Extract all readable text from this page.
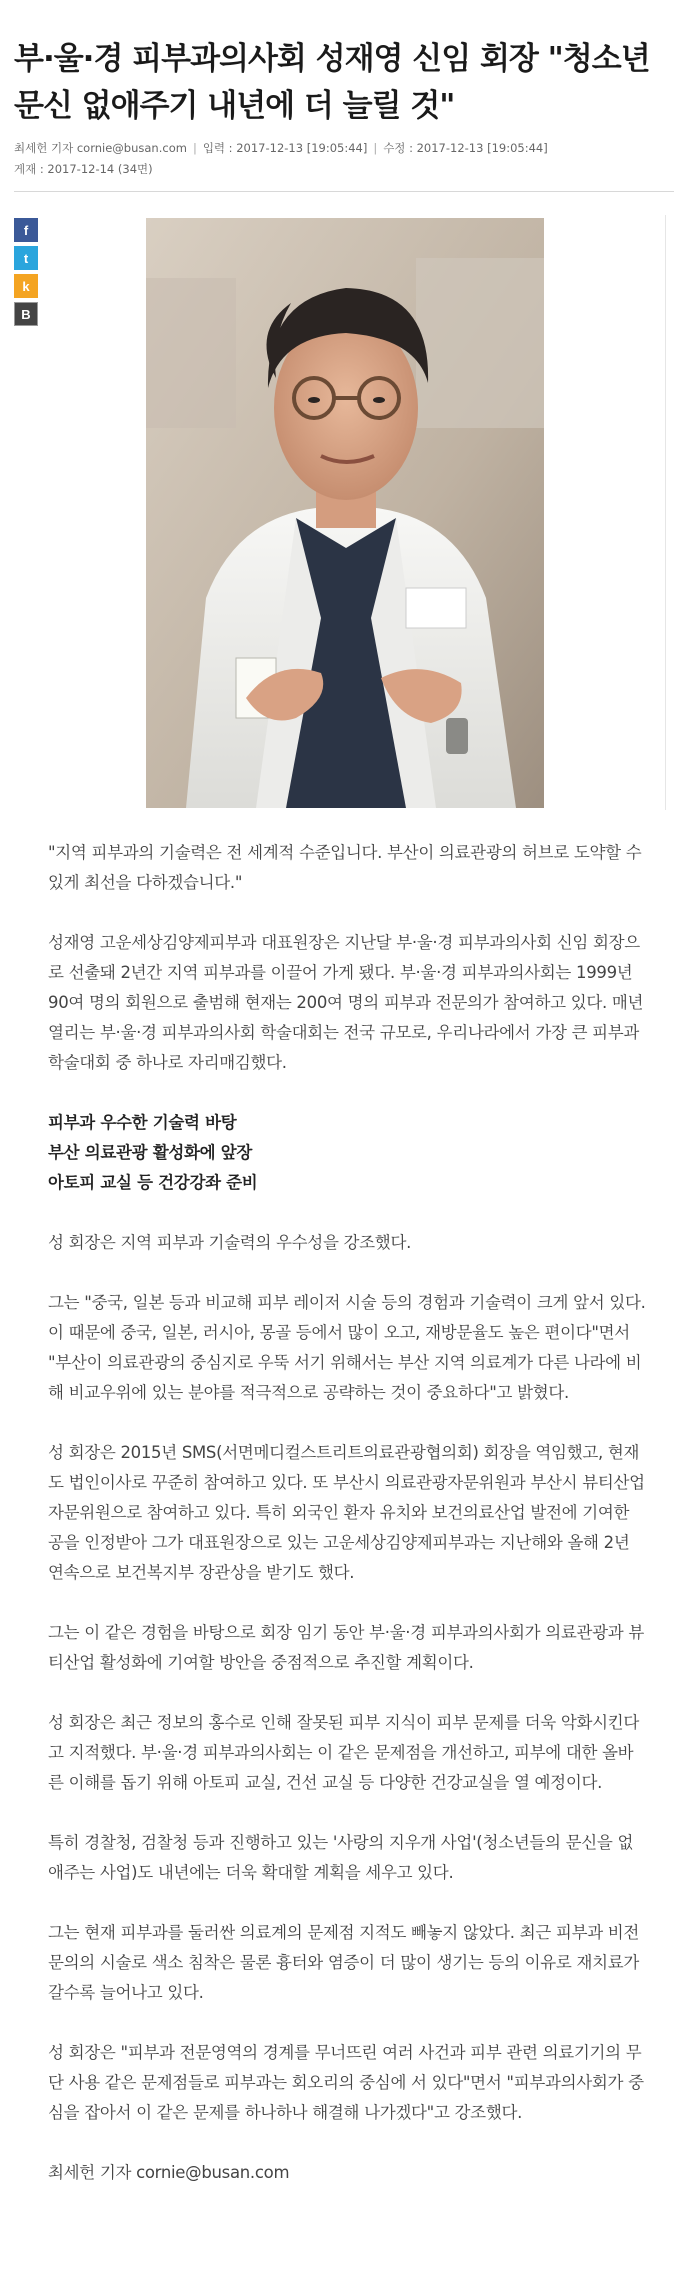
부·울·경 피부과의사회 성재영 신임 회장 "청소년 문신 없애주기 내년에 더 늘릴 것"
최세헌 기자 cornie@busan.com | 입력 : 2017-12-13 [19:05:44] | 수정 : 2017-12-13 [19:05:44]
게재 : 2017-12-14 (34면)
f
t
k
B

"지역 피부과의 기술력은 전 세계적 수준입니다. 부산이 의료관광의 허브로 도약할 수 있게 최선을 다하겠습니다."

성재영 고운세상김양제피부과 대표원장은 지난달 부·울·경 피부과의사회 신임 회장으로 선출돼 2년간 지역 피부과를 이끌어 가게 됐다. 부·울·경 피부과의사회는 1999년 90여 명의 회원으로 출범해 현재는 200여 명의 피부과 전문의가 참여하고 있다. 매년 열리는 부·울·경 피부과의사회 학술대회는 전국 규모로, 우리나라에서 가장 큰 피부과 학술대회 중 하나로 자리매김했다.

피부과 우수한 기술력 바탕
부산 의료관광 활성화에 앞장
아토피 교실 등 건강강좌 준비

성 회장은 지역 피부과 기술력의 우수성을 강조했다.

그는 "중국, 일본 등과 비교해 피부 레이저 시술 등의 경험과 기술력이 크게 앞서 있다. 이 때문에 중국, 일본, 러시아, 몽골 등에서 많이 오고, 재방문율도 높은 편이다"면서 "부산이 의료관광의 중심지로 우뚝 서기 위해서는 부산 지역 의료계가 다른 나라에 비해 비교우위에 있는 분야를 적극적으로 공략하는 것이 중요하다"고 밝혔다.

성 회장은 2015년 SMS(서면메디컬스트리트의료관광협의회) 회장을 역임했고, 현재도 법인이사로 꾸준히 참여하고 있다. 또 부산시 의료관광자문위원과 부산시 뷰티산업자문위원으로 참여하고 있다. 특히 외국인 환자 유치와 보건의료산업 발전에 기여한 공을 인정받아 그가 대표원장으로 있는 고운세상김양제피부과는 지난해와 올해 2년 연속으로 보건복지부 장관상을 받기도 했다.

그는 이 같은 경험을 바탕으로 회장 임기 동안 부·울·경 피부과의사회가 의료관광과 뷰티산업 활성화에 기여할 방안을 중점적으로 추진할 계획이다.

성 회장은 최근 정보의 홍수로 인해 잘못된 피부 지식이 피부 문제를 더욱 악화시킨다고 지적했다. 부·울·경 피부과의사회는 이 같은 문제점을 개선하고, 피부에 대한 올바른 이해를 돕기 위해 아토피 교실, 건선 교실 등 다양한 건강교실을 열 예정이다.

특히 경찰청, 검찰청 등과 진행하고 있는 '사랑의 지우개 사업'(청소년들의 문신을 없애주는 사업)도 내년에는 더욱 확대할 계획을 세우고 있다.

그는 현재 피부과를 둘러싼 의료계의 문제점 지적도 빼놓지 않았다. 최근 피부과 비전문의의 시술로 색소 침착은 물론 흉터와 염증이 더 많이 생기는 등의 이유로 재치료가 갈수록 늘어나고 있다.

성 회장은 "피부과 전문영역의 경계를 무너뜨린 여러 사건과 피부 관련 의료기기의 무단 사용 같은 문제점들로 피부과는 회오리의 중심에 서 있다"면서 "피부과의사회가 중심을 잡아서 이 같은 문제를 하나하나 해결해 나가겠다"고 강조했다.

최세헌 기자 cornie@busan.com
